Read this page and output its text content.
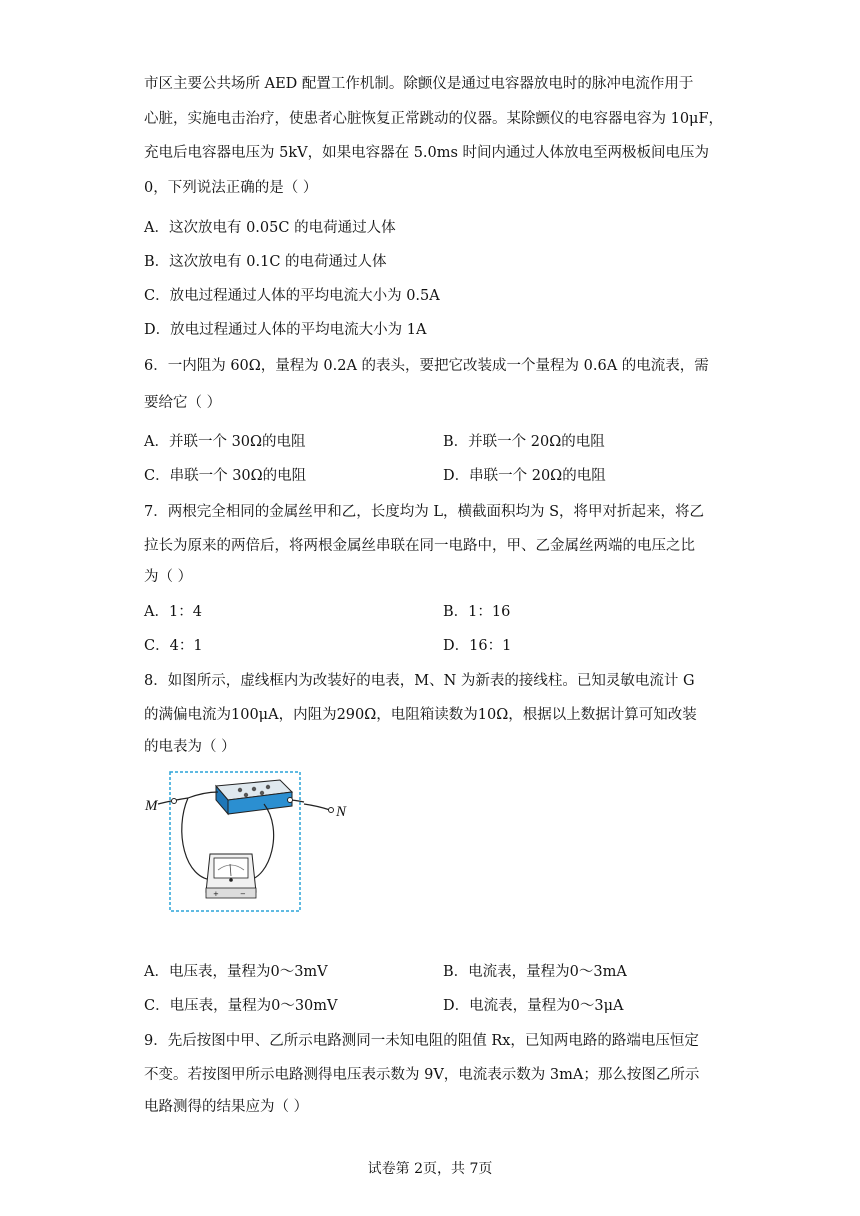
市区主要公共场所 AED 配置工作机制。除颤仪是通过电容器放电时的脉冲电流作用于
心脏，实施电击治疗，使患者心脏恢复正常跳动的仪器。某除颤仪的电容器电容为 10μF，
充电后电容器电压为 5kV，如果电容器在 5.0ms 时间内通过人体放电至两极板间电压为
0，下列说法正确的是（ ）
A．这次放电有 0.05C 的电荷通过人体
B．这次放电有 0.1C 的电荷通过人体
C．放电过程通过人体的平均电流大小为 0.5A
D．放电过程通过人体的平均电流大小为 1A
6．一内阻为 60Ω，量程为 0.2A 的表头，要把它改装成一个量程为 0.6A 的电流表，需
要给它（ ）
A．并联一个 30Ω的电阻	B．并联一个 20Ω的电阻
C．串联一个 30Ω的电阻	D．串联一个 20Ω的电阻
7．两根完全相同的金属丝甲和乙，长度均为 L，横截面积均为 S，将甲对折起来，将乙
拉长为原来的两倍后，将两根金属丝串联在同一电路中，甲、乙金属丝两端的电压之比
为（ ）
A．1：4	B．1：16
C．4：1	D．16：1
8．如图所示，虚线框内为改装好的电表，M、N 为新表的接线柱。已知灵敏电流计 G
的满偏电流为100μA，内阻为290Ω，电阻箱读数为10Ω，根据以上数据计算可知改装
的电表为（ ）
M
+	−
N
A．电压表，量程为0～3mV	B．电流表，量程为0～3mA
C．电压表，量程为0～30mV	D．电流表，量程为0～3μA
9．先后按图中甲、乙所示电路测同一未知电阻的阻值 Rx，已知两电路的路端电压恒定
不变。若按图甲所示电路测得电压表示数为 9V，电流表示数为 3mA；那么按图乙所示
电路测得的结果应为（ ）
试卷第 2页，共 7页
